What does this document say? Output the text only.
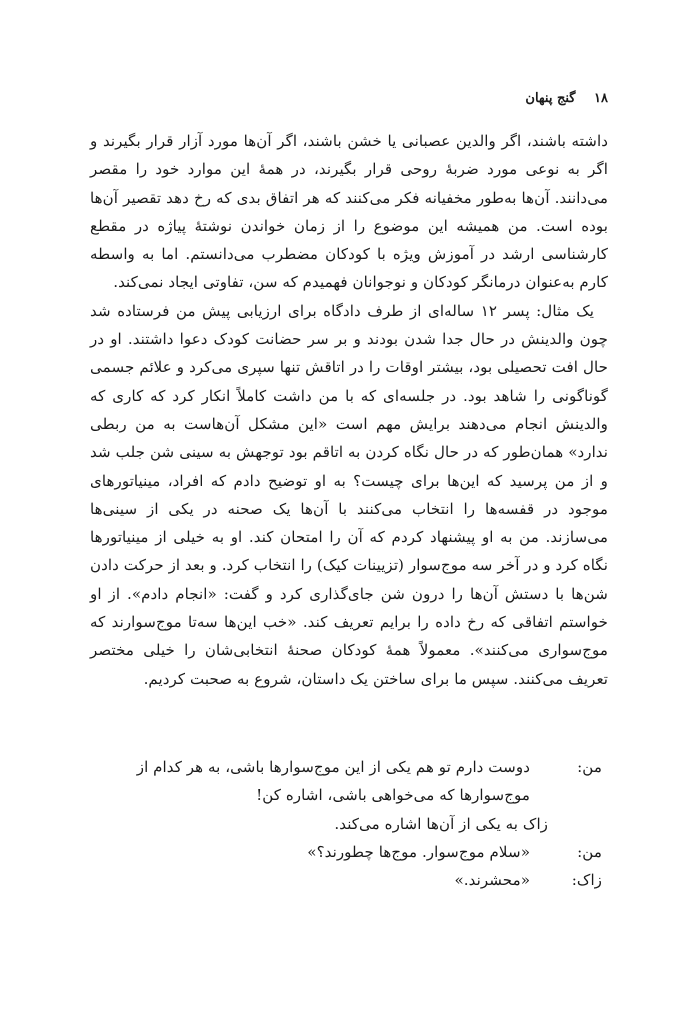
۱۸ گنج پنهان

داشته باشند، اگر والدین عصبانی یا خشن باشند، اگر آن‌ها مورد آزار قرار بگیرند و اگر به نوعی مورد ضربهٔ روحی قرار بگیرند، در همهٔ این موارد خود را مقصر می‌دانند. آن‌ها به‌طور مخفیانه فکر می‌کنند که هر اتفاق بدی که رخ دهد تقصیر آن‌ها بوده است. من همیشه این موضوع را از زمان خواندن نوشتهٔ پیاژه در مقطع کارشناسی ارشد در آموزش ویژه با کودکان مضطرب می‌دانستم. اما به واسطه کارم به‌عنوان درمانگر کودکان و نوجوانان فهمیدم که سن، تفاوتی ایجاد نمی‌کند.

یک مثال: پسر ۱۲ ساله‌ای از طرف دادگاه برای ارزیابی پیش من فرستاده شد چون والدینش در حال جدا شدن بودند و بر سر حضانت کودک دعوا داشتند. او در حال افت تحصیلی بود، بیشتر اوقات را در اتاقش تنها سپری می‌کرد و علائم جسمی گوناگونی را شاهد بود. در جلسه‌ای که با من داشت کاملاً انکار کرد که کاری که والدینش انجام می‌دهند برایش مهم است «این مشکل آن‌هاست به من ربطی ندارد» همان‌طور که در حال نگاه کردن به اتاقم بود توجهش به سینی شن جلب شد و از من پرسید که این‌ها برای چیست؟ به او توضیح دادم که افراد، مینیاتورهای موجود در قفسه‌ها را انتخاب می‌کنند با آن‌ها یک صحنه در یکی از سینی‌ها می‌سازند. من به او پیشنهاد کردم که آن را امتحان کند. او به خیلی از مینیاتورها نگاه کرد و در آخر سه موج‌سوار (تزیینات کیک) را انتخاب کرد. و بعد از حرکت دادن شن‌ها با دستش آن‌ها را درون شن جای‌گذاری کرد و گفت: «انجام دادم». از او خواستم اتفاقی که رخ داده را برایم تعریف کند. «خب این‌ها سه‌تا موج‌سوارند که موج‌سواری می‌کنند». معمولاً همهٔ کودکان صحنهٔ انتخابی‌شان را خیلی مختصر تعریف می‌کنند. سپس ما برای ساختن یک داستان، شروع به صحبت کردیم.

من:
دوست دارم تو هم یکی از این موج‌سوارها باشی، به هر کدام از موج‌سوارها که می‌خواهی باشی، اشاره کن!
زاک به یکی از آن‌ها اشاره می‌کند.
من:
«سلام موج‌سوار. موج‌ها چطورند؟»
زاک:
«محشرند.»
